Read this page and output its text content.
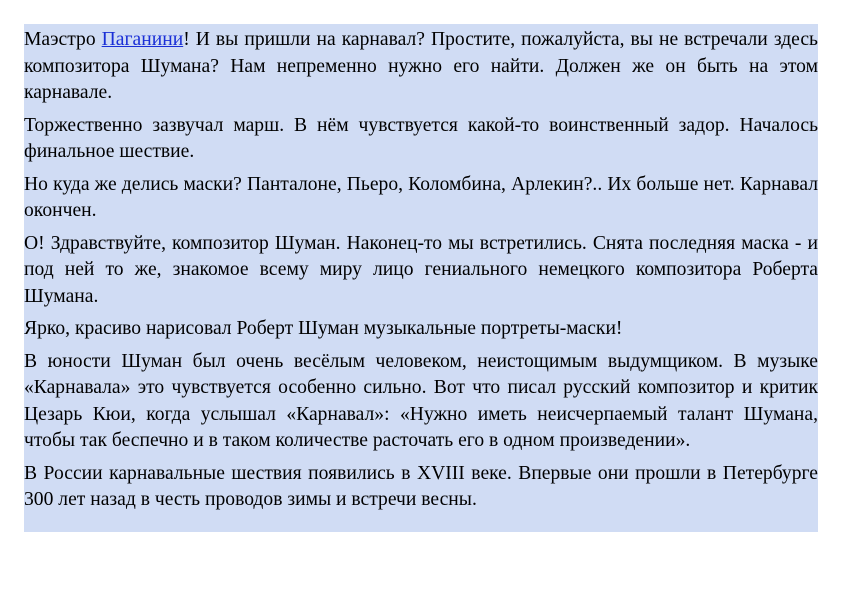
Маэстро Паганини! И вы пришли на карнавал? Простите, пожалуйста, вы не встречали здесь композитора Шумана? Нам непременно нужно его найти. Должен же он быть на этом карнавале.

Торжественно зазвучал марш. В нём чувствуется какой-то воинственный задор. Началось финальное шествие.

Но куда же делись маски? Панталоне, Пьеро, Коломбина, Арлекин?.. Их больше нет. Карнавал окончен.

О! Здравствуйте, композитор Шуман. Наконец-то мы встретились. Снята последняя маска - и под ней то же, знакомое всему миру лицо гениального немецкого композитора Роберта Шумана.

Ярко, красиво нарисовал Роберт Шуман музыкальные портреты-маски!

В юности Шуман был очень весёлым человеком, неистощимым выдумщиком. В музыке «Карнавала» это чувствуется особенно сильно. Вот что писал русский композитор и критик Цезарь Кюи, когда услышал «Карнавал»: «Нужно иметь неисчерпаемый талант Шумана, чтобы так беспечно и в таком количестве расточать его в одном произведении».

В России карнавальные шествия появились в XVIII веке. Впервые они прошли в Петербурге 300 лет назад в честь проводов зимы и встречи весны.
